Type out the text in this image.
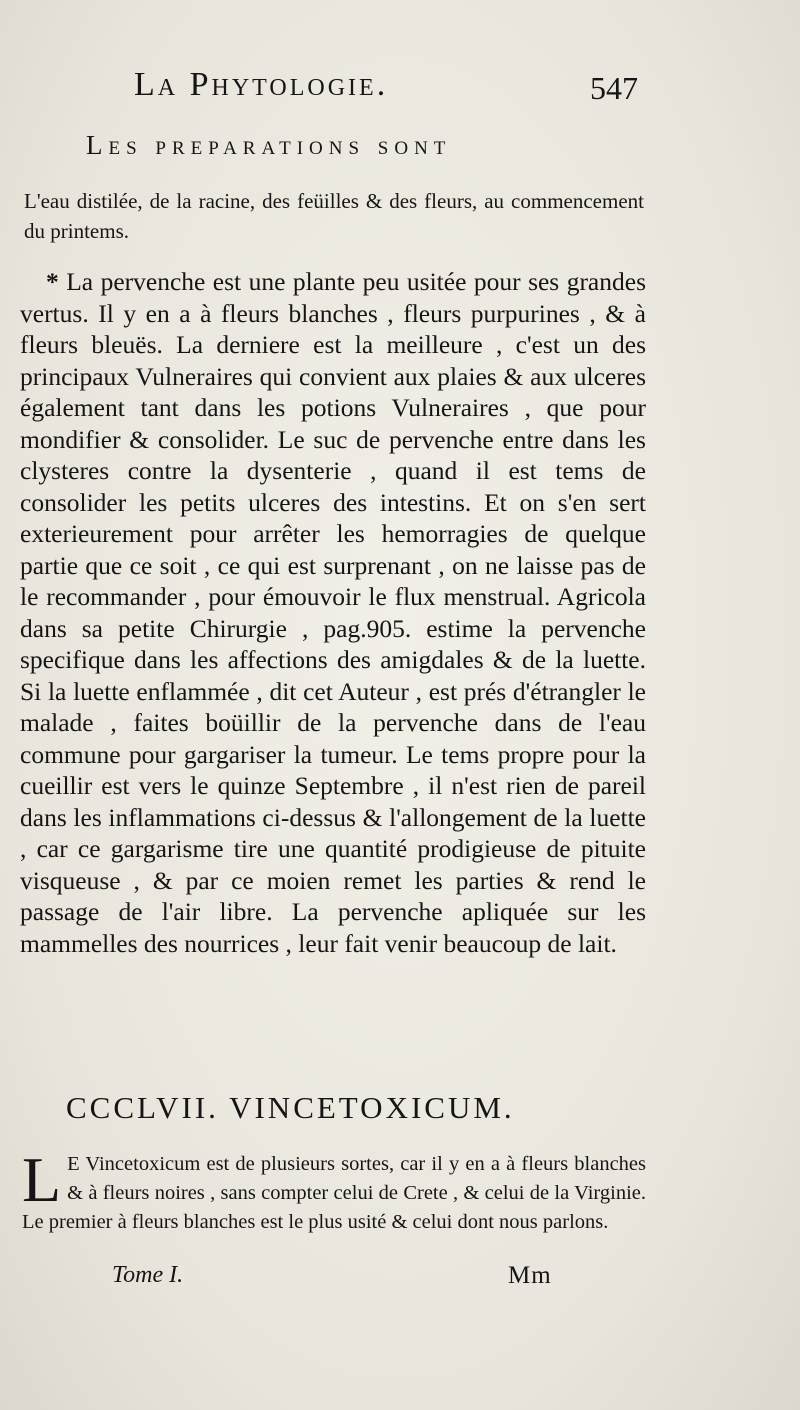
La Phytologie.	547
Les preparations sont
L'eau distilée, de la racine, des feüilles & des fleurs, au commencement du printems.
* La pervenche est une plante peu usitée pour ses grandes vertus. Il y en a à fleurs blanches , fleurs purpurines , & à fleurs bleuës. La derniere est la meilleure , c'est un des principaux Vulneraires qui convient aux plaies & aux ulceres également tant dans les potions Vulneraires , que pour mondifier & consolider. Le suc de pervenche entre dans les clysteres contre la dysenterie , quand il est tems de consolider les petits ulceres des intestins. Et on s'en sert exterieurement pour arrêter les hemorragies de quelque partie que ce soit , ce qui est surprenant , on ne laisse pas de le recommander , pour émouvoir le flux menstrual. Agricola dans sa petite Chirurgie , pag.905. estime la pervenche specifique dans les affections des amigdales & de la luette. Si la luette enflammée , dit cet Auteur , est prés d'étrangler le malade , faites boüillir de la pervenche dans de l'eau commune pour gargariser la tumeur. Le tems propre pour la cueillir est vers le quinze Septembre , il n'est rien de pareil dans les inflammations ci-dessus & l'allongement de la luette , car ce gargarisme tire une quantité prodigieuse de pituite visqueuse , & par ce moien remet les parties & rend le passage de l'air libre. La pervenche apliquée sur les mammelles des nourrices , leur fait venir beaucoup de lait.
CCCLVII. VINCETOXICUM.
L E Vincetoxicum est de plusieurs sortes, car il y en a à fleurs blanches & à fleurs noires , sans compter celui de Crete , & celui de la Virginie. Le premier à fleurs blanches est le plus usité & celui dont nous parlons.
Tome I.	Mm
